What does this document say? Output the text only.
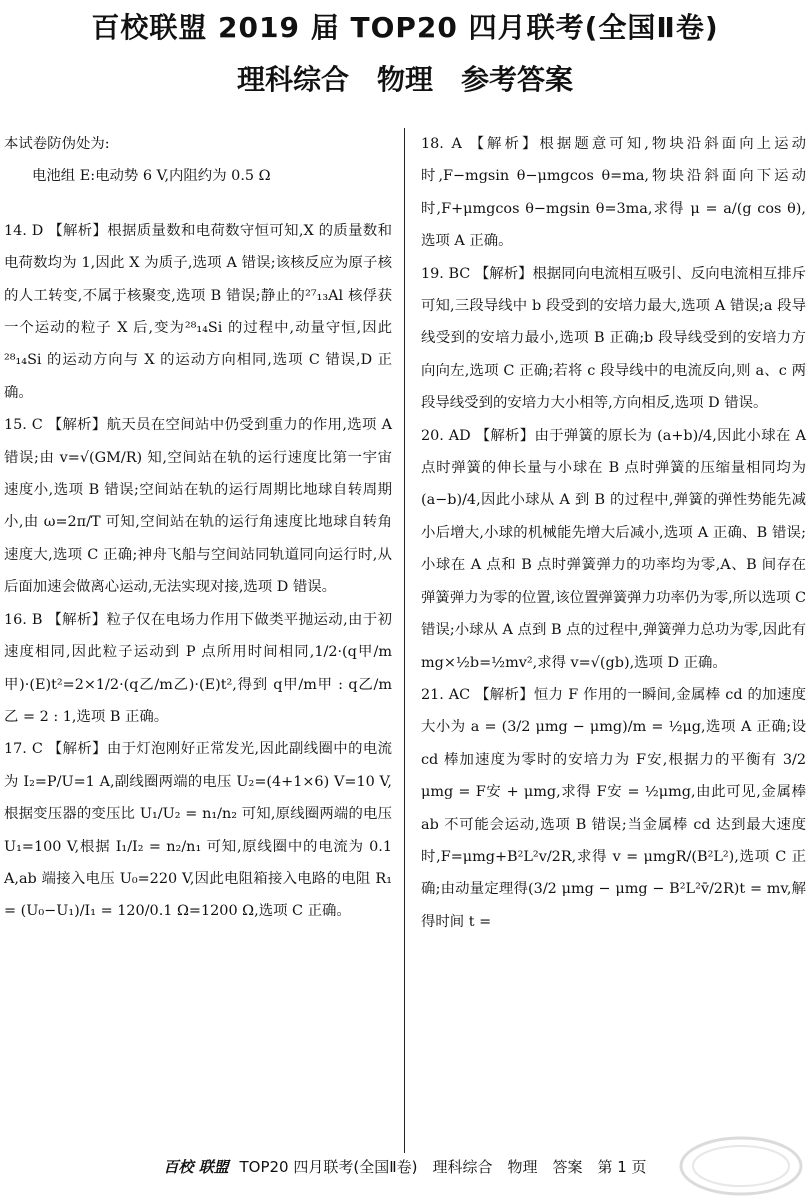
百校联盟 2019 届 TOP20 四月联考(全国Ⅱ卷)
理科综合　物理　参考答案

本试卷防伪处为:

电池组 E:电动势 6 V,内阻约为 0.5 Ω

14. D 【解析】根据质量数和电荷数守恒可知,X 的质量数和电荷数均为 1,因此 X 为质子,选项 A 错误;该核反应为原子核的人工转变,不属于核聚变,选项 B 错误;静止的²⁷₁₃Al 核俘获一个运动的粒子 X 后,变为²⁸₁₄Si 的过程中,动量守恒,因此²⁸₁₄Si 的运动方向与 X 的运动方向相同,选项 C 错误,D 正确。

15. C 【解析】航天员在空间站中仍受到重力的作用,选项 A 错误;由 v=√(GM/R) 知,空间站在轨的运行速度比第一宇宙速度小,选项 B 错误;空间站在轨的运行周期比地球自转周期小,由 ω=2π/T 可知,空间站在轨的运行角速度比地球自转角速度大,选项 C 正确;神舟飞船与空间站同轨道同向运行时,从后面加速会做离心运动,无法实现对接,选项 D 错误。

16. B 【解析】粒子仅在电场力作用下做类平抛运动,由于初速度相同,因此粒子运动到 P 点所用时间相同,1/2·(q甲/m甲)·(E)t²=2×1/2·(q乙/m乙)·(E)t²,得到 q甲/m甲 : q乙/m乙 = 2 : 1,选项 B 正确。

17. C 【解析】由于灯泡刚好正常发光,因此副线圈中的电流为 I₂=P/U=1 A,副线圈两端的电压 U₂=(4+1×6) V=10 V,根据变压器的变压比 U₁/U₂ = n₁/n₂ 可知,原线圈两端的电压 U₁=100 V,根据 I₁/I₂ = n₂/n₁ 可知,原线圈中的电流为 0.1 A,ab 端接入电压 U₀=220 V,因此电阻箱接入电路的电阻 R₁ = (U₀−U₁)/I₁ = 120/0.1 Ω=1200 Ω,选项 C 正确。

18. A 【解析】根据题意可知,物块沿斜面向上运动时,F−mgsin θ−μmgcos θ=ma,物块沿斜面向下运动时,F+μmgcos θ−mgsin θ=3ma,求得 μ = a/(g cos θ),选项 A 正确。

19. BC 【解析】根据同向电流相互吸引、反向电流相互排斥可知,三段导线中 b 段受到的安培力最大,选项 A 错误;a 段导线受到的安培力最小,选项 B 正确;b 段导线受到的安培力方向向左,选项 C 正确;若将 c 段导线中的电流反向,则 a、c 两段导线受到的安培力大小相等,方向相反,选项 D 错误。

20. AD 【解析】由于弹簧的原长为 (a+b)/4,因此小球在 A 点时弹簧的伸长量与小球在 B 点时弹簧的压缩量相同均为 (a−b)/4,因此小球从 A 到 B 的过程中,弹簧的弹性势能先减小后增大,小球的机械能先增大后减小,选项 A 正确、B 错误;小球在 A 点和 B 点时弹簧弹力的功率均为零,A、B 间存在弹簧弹力为零的位置,该位置弹簧弹力功率仍为零,所以选项 C 错误;小球从 A 点到 B 点的过程中,弹簧弹力总功为零,因此有 mg×½b=½mv²,求得 v=√(gb),选项 D 正确。

21. AC 【解析】恒力 F 作用的一瞬间,金属棒 cd 的加速度大小为 a = (3/2 μmg − μmg)/m = ½μg,选项 A 正确;设 cd 棒加速度为零时的安培力为 F安,根据力的平衡有 3/2 μmg = F安 + μmg,求得 F安 = ½μmg,由此可见,金属棒 ab 不可能会运动,选项 B 错误;当金属棒 cd 达到最大速度时,F=μmg+B²L²v/2R,求得 v = μmgR/(B²L²),选项 C 正确;由动量定理得(3/2 μmg − μmg − B²L²v̄/2R)t = mv,解得时间 t =

百校 联盟 TOP20 四月联考(全国Ⅱ卷)　理科综合　物理　答案　第 1 页
